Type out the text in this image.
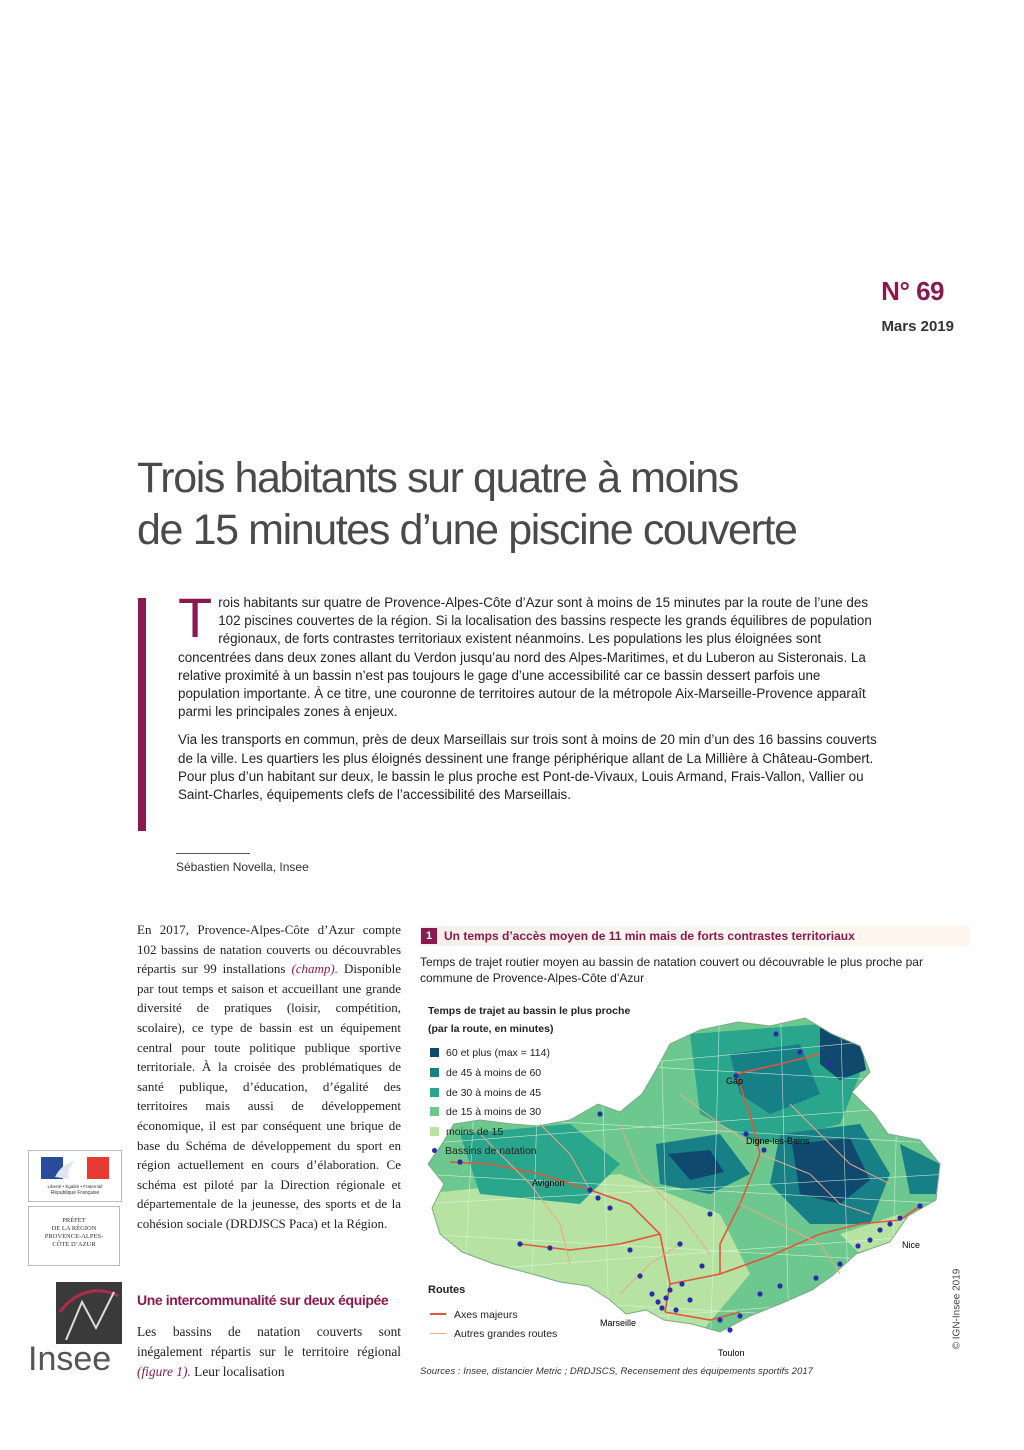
N° 69
Mars 2019
Trois habitants sur quatre à moins
de 15 minutes d’une piscine couverte

Trois habitants sur quatre de Provence-Alpes-Côte d’Azur sont à moins de 15 minutes par la route de l’une des 102 piscines couvertes de la région. Si la localisation des bassins respecte les grands équilibres de population régionaux, de forts contrastes territoriaux existent néanmoins. Les populations les plus éloignées sont concentrées dans deux zones allant du Verdon jusqu’au nord des Alpes-Maritimes, et du Luberon au Sisteronais. La relative proximité à un bassin n’est pas toujours le gage d’une accessibilité car ce bassin dessert parfois une population importante. À ce titre, une couronne de territoires autour de la métropole Aix-Marseille-Provence apparaît parmi les principales zones à enjeux.

Via les transports en commun, près de deux Marseillais sur trois sont à moins de 20 min d’un des 16 bassins couverts de la ville. Les quartiers les plus éloignés dessinent une frange périphérique allant de La Millière à Château-Gombert. Pour plus d’un habitant sur deux, le bassin le plus proche est Pont-de-Vivaux, Louis Armand, Frais-Vallon, Vallier ou Saint-Charles, équipements clefs de l’accessibilité des Marseillais.

Sébastien Novella, Insee

En 2017, Provence-Alpes-Côte d’Azur compte 102 bassins de natation couverts ou découvrables répartis sur 99 installations (champ). Disponible par tout temps et saison et accueillant une grande diversité de pratiques (loisir, compétition, scolaire), ce type de bassin est un équipement central pour toute politique publique sportive territoriale. À la croisée des problématiques de santé publique, d’éducation, d’égalité des territoires mais aussi de développement économique, il est par conséquent une brique de base du Schéma de développement du sport en région actuellement en cours d’élaboration. Ce schéma est piloté par la Direction régionale et départementale de la jeunesse, des sports et de la cohésion sociale (DRDJSCS Paca) et la Région.

Une intercommunalité sur deux équipée

Les bassins de natation couverts sont inégalement répartis sur le territoire régional (figure 1). Leur localisation

1 Un temps d’accès moyen de 11 min mais de forts contrastes territoriaux
Temps de trajet routier moyen au bassin de natation couvert ou découvrable le plus proche par commune de Provence-Alpes-Côte d’Azur
Gap
Digne-les-Bains
Avignon
Nice
Marseille
Toulon
Temps de trajet au bassin le plus proche
(par la route, en minutes)
60 et plus (max = 114)
de 45 à moins de 60
de 30 à moins de 45
de 15 à moins de 30
moins de 15
Bassins de natation
Routes
Axes majeurs
Autres grandes routes
Sources : Insee, distancier Metric ; DRDJSCS, Recensement des équipements sportifs 2017
© IGN-Insee 2019
Liberté • Égalité • Fraternité
République Française
PRÉFET
DE LA RÉGION
PROVENCE-ALPES-
CÔTE D’AZUR
Insee
